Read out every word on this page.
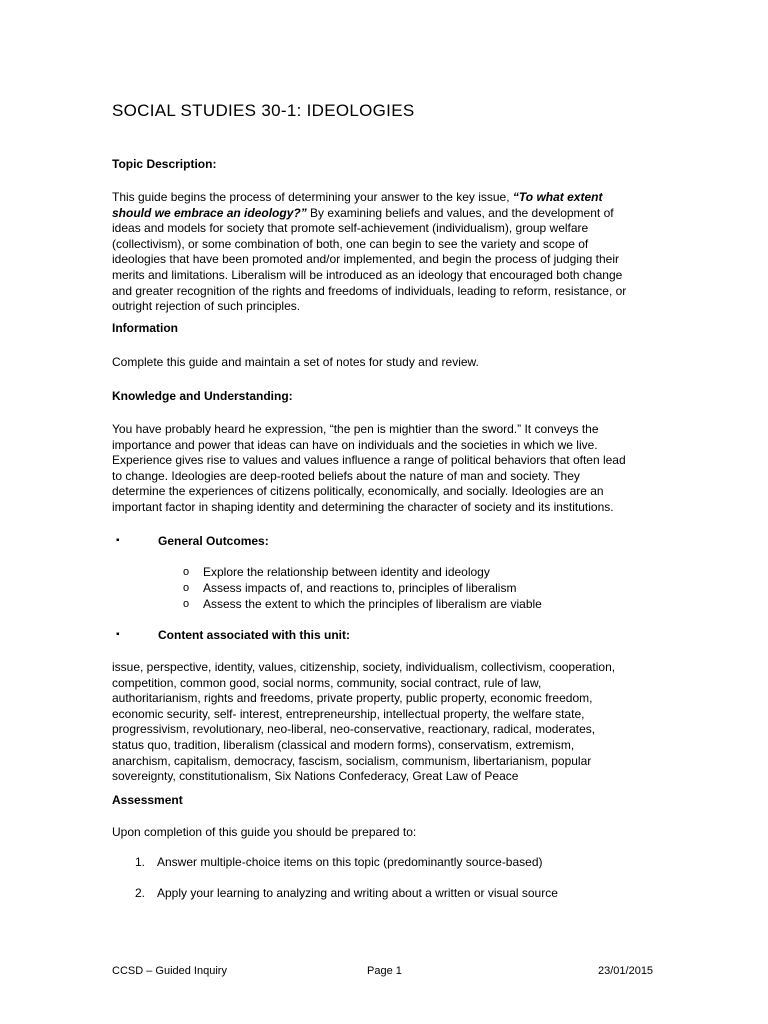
SOCIAL STUDIES 30-1: IDEOLOGIES
Topic Description:
This guide begins the process of determining your answer to the key issue, “To what extent
should we embrace an ideology?” By examining beliefs and values, and the development of
ideas and models for society that promote self-achievement (individualism), group welfare
(collectivism), or some combination of both, one can begin to see the variety and scope of
ideologies that have been promoted and/or implemented, and begin the process of judging their
merits and limitations. Liberalism will be introduced as an ideology that encouraged both change
and greater recognition of the rights and freedoms of individuals, leading to reform, resistance, or
outright rejection of such principles.
Information
Complete this guide and maintain a set of notes for study and review.
Knowledge and Understanding:
You have probably heard he expression, “the pen is mightier than the sword.” It conveys the
importance and power that ideas can have on individuals and the societies in which we live.
Experience gives rise to values and values influence a range of political behaviors that often lead
to change. Ideologies are deep-rooted beliefs about the nature of man and society. They
determine the experiences of citizens politically, economically, and socially. Ideologies are an
important factor in shaping identity and determining the character of society and its institutions.
▪	General Outcomes:
o Explore the relationship between identity and ideology
o Assess impacts of, and reactions to, principles of liberalism
o Assess the extent to which the principles of liberalism are viable
▪	Content associated with this unit:
issue, perspective, identity, values, citizenship, society, individualism, collectivism, cooperation,
competition, common good, social norms, community, social contract, rule of law,
authoritarianism, rights and freedoms, private property, public property, economic freedom,
economic security, self- interest, entrepreneurship, intellectual property, the welfare state,
progressivism, revolutionary, neo-liberal, neo-conservative, reactionary, radical, moderates,
status quo, tradition, liberalism (classical and modern forms), conservatism, extremism,
anarchism, capitalism, democracy, fascism, socialism, communism, libertarianism, popular
sovereignty, constitutionalism, Six Nations Confederacy, Great Law of Peace
Assessment
Upon completion of this guide you should be prepared to:
1. Answer multiple-choice items on this topic (predominantly source-based)
2. Apply your learning to analyzing and writing about a written or visual source
CCSD – Guided Inquiry	Page 1	23/01/2015
